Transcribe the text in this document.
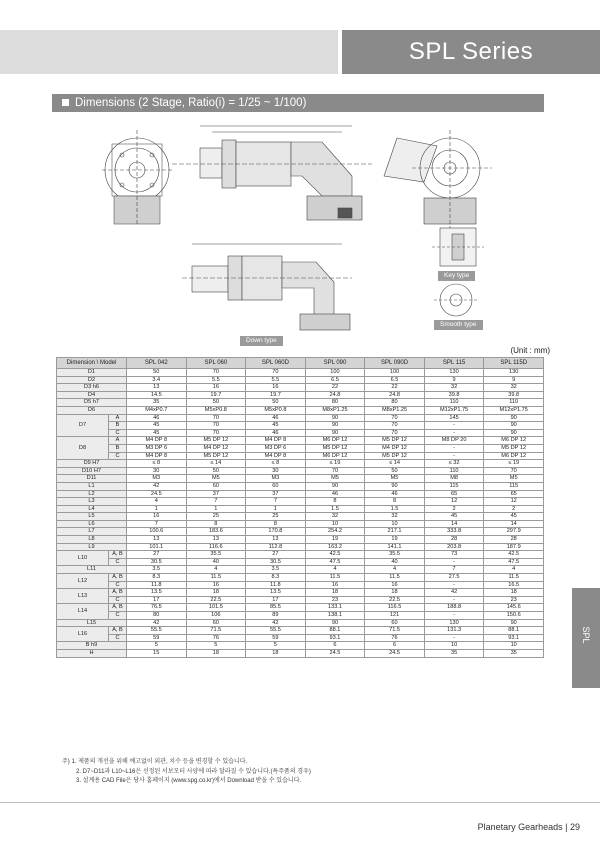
SPL Series
Dimensions (2 Stage, Ratio(i) = 1/25 ~ 1/100)
Key type
Smooth type
Down type
(Unit : mm)
Dimension \ Model		SPL 042	SPL 060	SPL 060D	SPL 090	SPL 090D	SPL 115	SPL 115D
D1		50	70	70	100	100	130	130
D2		3.4	5.5	5.5	6.5	6.5	9	9
D3 h6		13	16	16	22	22	32	32
D4		14.5	19.7	19.7	24.8	24.8	39.8	39.8
D5 h7		35	50	50	80	80	110	110
D6		M4xP0.7	M5xP0.8	M5xP0.8	M8xP1.25	M8xP1.25	M12xP1.75	M12xP1.75
D7	A	46	70	46	90	70	145	90
	B	45	70	45	90	70	-	90
	C	45	70	46	90	70	-	90
D8	A	M4 DP 8	M5 DP 12	M4 DP 8	M6 DP 12	M5 DP 12	M8 DP 20	M6 DP 12
	B	M3 DP 6	M4 DP 12	M3 DP 6	M5 DP 12	M4 DP 12	-	M5 DP 12
	C	M4 DP 8	M5 DP 12	M4 DP 8	M6 DP 12	M5 DP 12	-	M6 DP 12
D9 H7		≤ 8	≤ 14	≤ 8	≤ 19	≤ 14	≤ 32	≤ 19
D10 H7		30	50	30	70	50	110	70
D11		M3	M5	M3	M5	M5	M8	M5
L1		42	60	60	90	90	115	115
L2		24.5	37	37	46	46	65	65
L3		4	7	7	8	8	12	12
L4		1	1	1	1.5	1.5	2	2
L5		16	25	25	32	32	45	45
L6		7	8	8	10	10	14	14
L7		100.6	183.6	170.8	254.2	217.1	333.8	297.9
L8		13	13	13	19	19	28	28
L9		101.1	116.6	112.8	163.2	141.1	203.8	187.9
L10	A, B	27	35.5	27	42.5	35.5	73	42.5
	C	30.5	40	30.5	47.5	40	-	47.5
L11		3.5	4	3.5	4	4	7	4
L12	A, B	8.3	11.5	8.3	11.5	11.5	27.5	11.5
	C	11.8	16	11.8	16	16	-	16.5
L13	A, B	13.5	18	13.5	18	18	42	18
	C	17	22.5	17	23	22.5	-	23
L14	A, B	76.5	101.5	85.5	133.1	116.5	188.8	145.6
	C	80	106	89	138.1	121	-	150.6
L15		42	60	42	90	60	130	90
L16	A, B	55.5	71.5	55.5	88.1	71.5	131.3	88.1
	C	59	76	59	93.1	76	-	93.1
B h9		5	5	5	6	6	10	10
H		15	18	18	24.5	24.5	35	35
주) 1. 제품의 개선을 위해 예고없이 외관, 치수 등을 변경할 수 있습니다.
2. D7~D11과 L10~L16은 선정된 서보모터 사양에 따라 달라질 수 있습니다.(특주품의 경우)
3. 설계용 CAD File은 당사 홈페이지 (www.spg.co.kr)에서 Download 받을 수 있습니다.
SPL
Planetary Gearheads | 29
